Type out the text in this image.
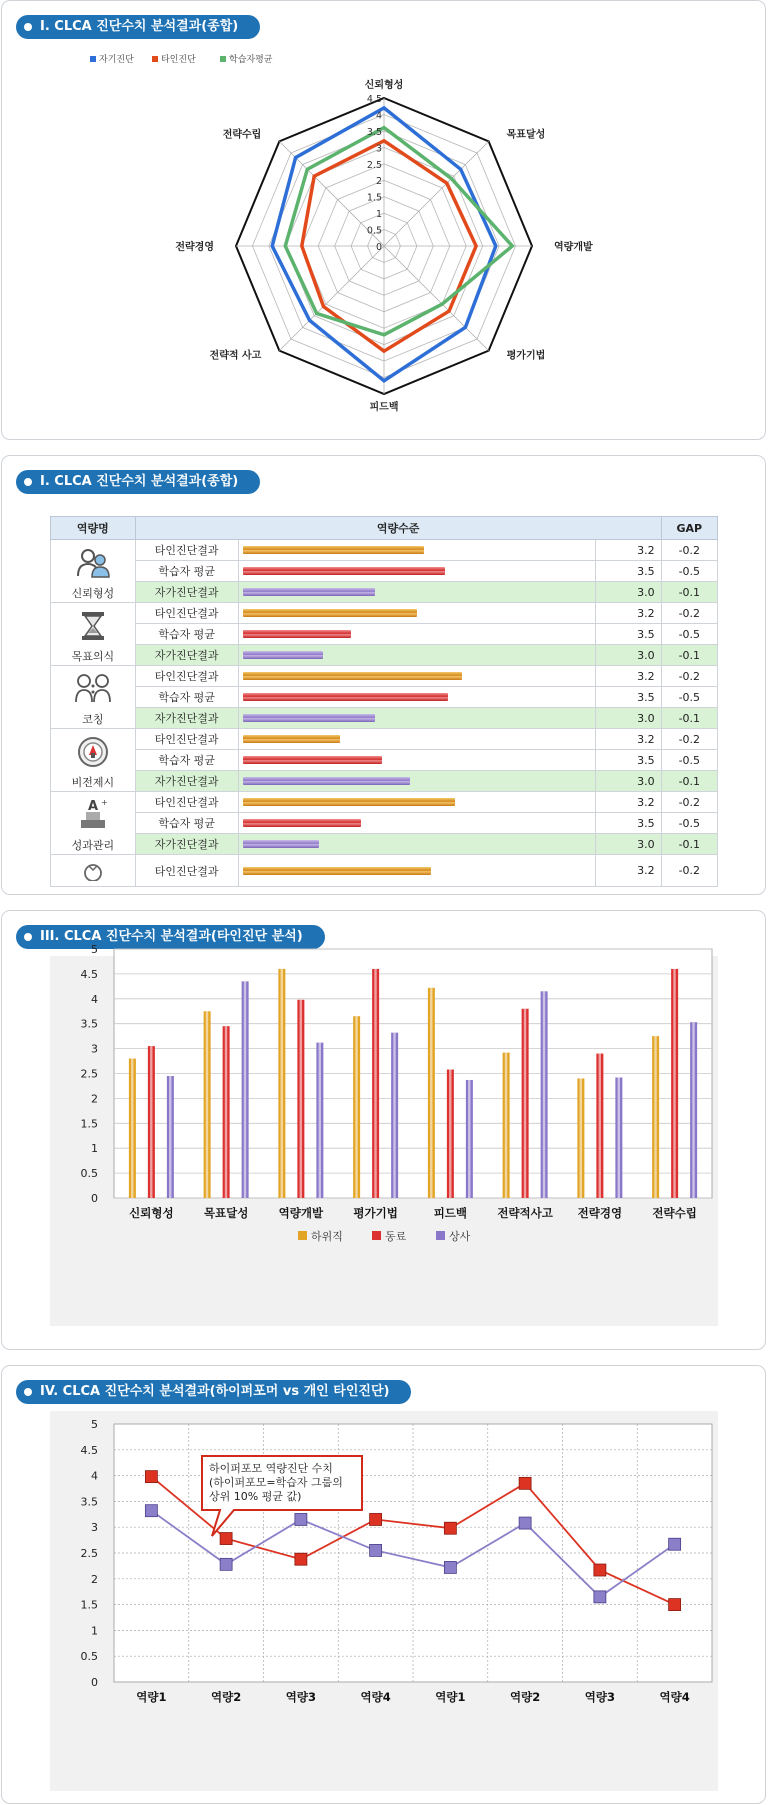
I. CLCA 진단수치 분석결과(종합)
자기진단	타인진단	학습자평균
0
0.5
1
1.5
2
2.5
3
3.5
4
4.5
신뢰형성
목표달성
역량개발
평가기법
피드백
전략적 사고
전략경영
전략수립
I. CLCA 진단수치 분석결과(종합)
역량명	역량수준			GAP

신뢰형성	타인진단결과		3.2	-0.2
	학습자 평균		3.5	-0.5
	자가진단결과		3.0	-0.1

목표의식	타인진단결과		3.2	-0.2
	학습자 평균		3.5	-0.5
	자가진단결과		3.0	-0.1

코칭	타인진단결과		3.2	-0.2
	학습자 평균		3.5	-0.5
	자가진단결과		3.0	-0.1

비전제시	타인진단결과		3.2	-0.2
	학습자 평균		3.5	-0.5
	자가진단결과		3.0	-0.1

A +
성과관리	타인진단결과		3.2	-0.2
	학습자 평균		3.5	-0.5
	자가진단결과		3.0	-0.1

	타인진단결과		3.2	-0.2
III. CLCA 진단수치 분석결과(타인진단 분석)
0
0.5
1
1.5
2
2.5
3
3.5
4
4.5
5
신뢰형성	목표달성	역량개발	평가기법	피드백	전략적사고 전략경영	전략수립
하위직	동료	상사
IV. CLCA 진단수치 분석결과(하이퍼포머 vs 개인 타인진단)
0
0.5
1
1.5
2
2.5
3
3.5
4
4.5
5
역량1	역량2	역량3	역량4	역량1	역량2	역량3	역량4
하이퍼포모 역량진단 수치
(하이퍼포모=학습자 그룹의
상위 10% 평균 값)
